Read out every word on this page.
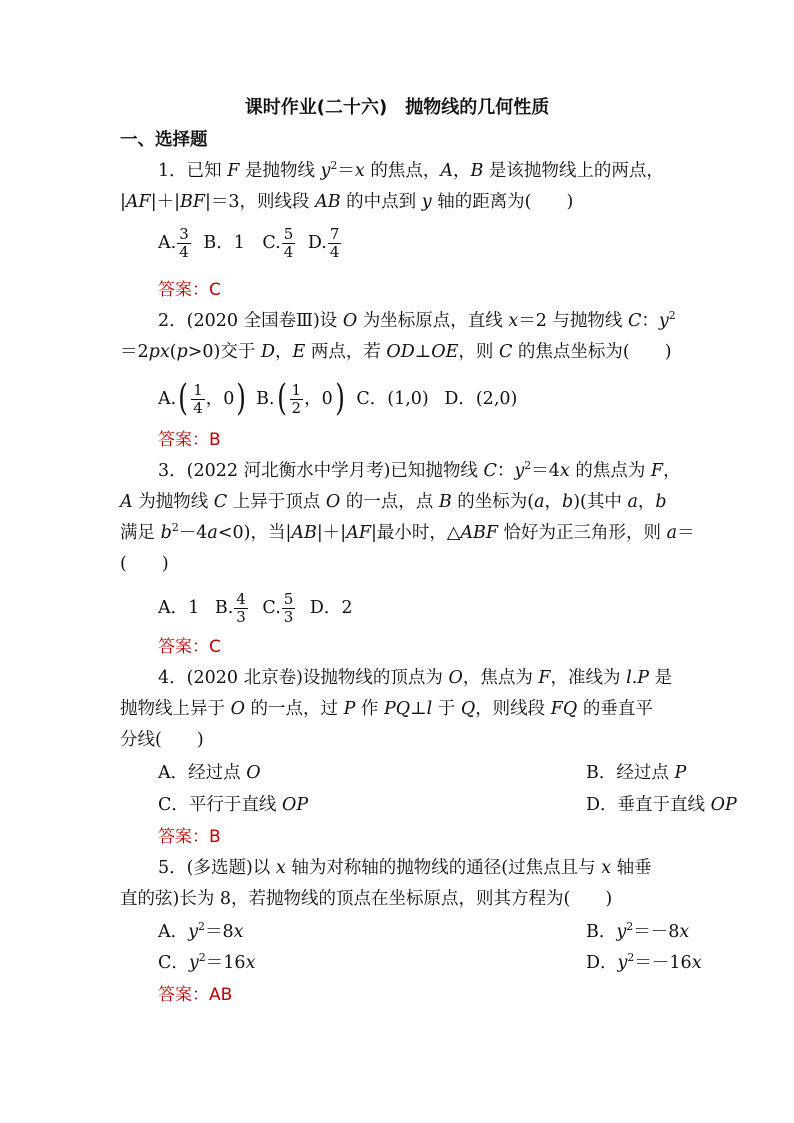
课时作业(二十六)　抛物线的几何性质
一、选择题
1．已知 F 是抛物线 $y^2=x$ 的焦点，A，B 是该抛物线上的两点，
|AF|＋|BF|＝3，则线段 AB 的中点到 y 轴的距离为(　　)
A. $\frac{3}{4}$ B．1 C. $\frac{5}{4} D$. $\frac{7}{4}$
答案：C
2．(2020 全国卷Ⅲ)设 O 为坐标原点，直线 x＝2 与抛物线 C：$y^2$
＝2px(p>0)交于 D，E 两点，若 OD⊥OE，则 C 的焦点坐标为(　　)
A. ( $\frac{1}{4}$ ，0 ) B. ( $\frac{1}{2}$ ，0 ) C．(1,0) D．(2,0)
答案：B
3．(2022 河北衡水中学月考)已知抛物线 C：$y^2=4x$ 的焦点为 F，
A 为抛物线 C 上异于顶点 O 的一点，点 B 的坐标为(a，b)(其中 a，b
满足 $b^2-4a<0$)，当|AB|＋|AF|最小时，△ABF 恰好为正三角形，则 a＝
(　　)
A．1 B. $\frac{4}{3} C$. $\frac{5}{3}$ D．2
答案：C
4．(2020 北京卷)设抛物线的顶点为 O，焦点为 F，准线为 l.P 是
抛物线上异于 O 的一点，过 P 作 PQ⊥l 于 Q，则线段 FQ 的垂直平
分线(　　)
A．经过点 O	B．经过点 P
C．平行于直线 OP	D．垂直于直线 OP
答案：B
5．(多选题)以 x 轴为对称轴的抛物线的通径(过焦点且与 x 轴垂
直的弦)长为 8，若抛物线的顶点在坐标原点，则其方程为(　　)
A．$y^2=8x$	B．$y^2=-8x$
C．$y^2=16x$	D．$y^2=-16x$
答案：AB
